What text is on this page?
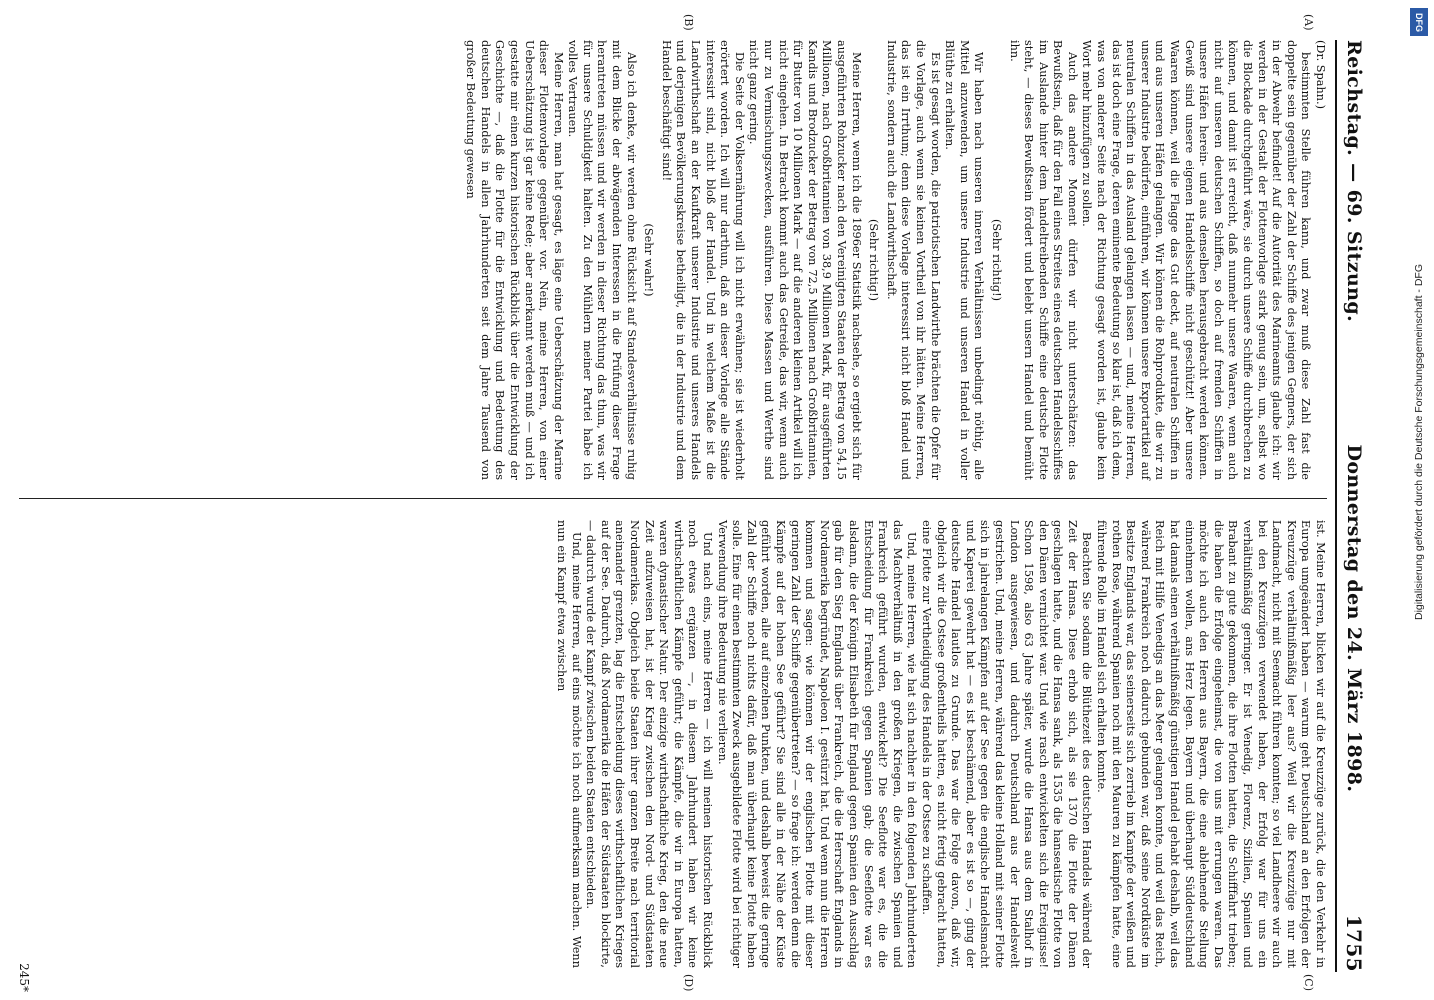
Reichstag. — 69. Sitzung.
Donnerstag den 24. März 1898.
1755
(A)
(B)
(C)
(D)

(Dr. Spahn.)

bestimmten Stelle führen kann, und zwar muß diese Zahl fast die doppelte sein gegenüber der Zahl der Schiffe des jenigen Gegners, der sich in der Abwehr befindet! Auf die Autorität des Marineamts glaube ich: wir werden in der Gestalt der Flottenvorlage stark genug sein, um, selbst wo die Blockade durchgeführt wäre, sie durch unsere Schiffe durchbrechen zu können, und damit ist erreicht, daß nunmehr unsere Waaren, wenn auch nicht auf unseren deutschen Schiffen, so doch auf fremden Schiffen in unsere Häfen herein- und aus denselben herausgebracht werden können. Gewiß sind unsere eigenen Handelsschiffe nicht geschützt! Aber unsere Waaren können, weil die Flagge das Gut deckt, auf neutralen Schiffen in und aus unseren Häfen gelangen. Wir können die Rohprodukte, die wir zu unserer Industrie bedürfen, einführen, wir können unsere Exportartikel auf neutralen Schiffen in das Ausland gelangen lassen — und, meine Herren, das ist doch eine Frage, deren eminente Bedeutung so klar ist, daß ich dem, was von anderer Seite nach der Richtung gesagt worden ist, glaube kein Wort mehr hinzufügen zu sollen.

Auch das andere Moment dürfen wir nicht unterschätzen: das Bewußtsein, daß für den Fall eines Streites eines deutschen Handelsschiffes im Auslande hinter dem handeltreibenden Schiffe eine deutsche Flotte steht, — dieses Bewußtsein fördert und belebt unsern Handel und bemüht ihn.

(Sehr richtig!)

Wir haben nach unseren inneren Verhältnissen unbedingt nöthig, alle Mittel anzuwenden, um unsere Industrie und unseren Handel in voller Blüthe zu erhalten.

Es ist gesagt worden, die patriotischen Landwirthe brächten die Opfer für die Vorlage, auch wenn sie keinen Vortheil von ihr hätten. Meine Herren, das ist ein Irrthum; denn diese Vorlage interessirt nicht bloß Handel und Industrie, sondern auch die Landwirthschaft.

(Sehr richtig!)

Meine Herren, wenn ich die 1896er Statistik nachsehe, so ergiebt sich für ausgeführten Rohzucker nach den Vereinigten Staaten der Betrag von 54,15 Millionen, nach Großbritannien von 38,9 Millionen Mark, für ausgeführten Kandis und Brodzucker der Betrag von 72,5 Millionen nach Großbritannien, für Butter von 10 Millionen Mark — auf die anderen kleinen Artikel will ich nicht eingehen. In Betracht kommt auch das Getreide, das wir, wenn auch nur zu Vermischungszwecken, ausführen. Diese Massen und Werthe sind nicht ganz gering.

Die Seite der Volksernährung will ich nicht erwähnen; sie ist wiederholt erörtert worden. Ich will nur darthun, daß an dieser Vorlage alle Stände interessirt sind, nicht bloß der Handel. Und in welchem Maße ist die Landwirthschaft an der Kaufkraft unserer Industrie und unseres Handels und derjenigen Bevölkerungskreise betheiligt, die in der Industrie und dem Handel beschäftigt sind!

(Sehr wahr!)

Also ich denke, wir werden ohne Rücksicht auf Standesverhältnisse ruhig mit dem Blicke der abwägenden Interessen in die Prüfung dieser Frage herantreten müssen und wir werden in dieser Richtung das thun, was wir für unsere Schuldigkeit halten. Zu den Mühlern meiner Partei habe ich volles Vertrauen.

Meine Herren, man hat gesagt, es läge eine Ueberschätzung der Marine dieser Flottenvorlage gegenüber vor. Nein, meine Herren, von einer Ueberschätzung ist gar keine Rede; aber anerkannt werden muß — und ich gestatte mir einen kurzen historischen Rückblick über die Entwicklung der Geschichte —, daß die Flotte für die Entwicklung und Bedeutung des deutschen Handels in allen Jahrhunderten seit dem Jahre Tausend von großer Bedeutung gewesen

ist. Meine Herren, blicken wir auf die Kreuzzüge zurück, die den Verkehr in Europa umgeändert haben — warum geht Deutschland an den Erfolgen der Kreuzzüge verhältnißmäßig leer aus? Weil wir die Kreuzzüge nur mit Landmacht, nicht mit Seemacht führen konnten; so viel Landheere wir auch bei den Kreuzzügen verwendet haben, der Erfolg war für uns ein verhältnißmäßig geringer. Er ist Venedig, Florenz, Sizilien, Spanien und Brabant zu gute gekommen, die ihre Flotten hatten, die Schifffahrt trieben; die haben die Erfolge eingeheimst, die von uns mit errungen waren. Das möchte ich auch den Herren aus Bayern, die eine ablehnende Stellung einnehmen wollen, ans Herz legen. Bayern und überhaupt Süddeutschland hat damals einen verhältnißmäßig günstigen Handel gehabt deshalb, weil das Reich mit Hilfe Venedigs an das Meer gelangen konnte, und weil das Reich, während Frankreich noch dadurch gebunden war, daß seine Nordküste im Besitze Englands war, das seinerseits sich zerrieb im Kampfe der weißen und rothen Rose, während Spanien noch mit den Mauren zu kämpfen hatte, eine führende Rolle im Handel sich erhalten konnte.

Beachten Sie sodann die Blüthezeit des deutschen Handels während der Zeit der Hansa. Diese erhob sich, als sie 1370 die Flotte der Dänen geschlagen hatte, und die Hansa sank, als 1535 die hanseatische Flotte von den Dänen vernichtet war. Und wie rasch entwickelten sich die Ereignisse! Schon 1598, also 63 Jahre später, wurde die Hansa aus dem Stalhof in London ausgewiesen, und dadurch Deutschland aus der Handelswelt gestrichen. Und, meine Herren, während das kleine Holland mit seiner Flotte sich in jahrelangen Kämpfen auf der See gegen die englische Handelsmacht und Kaperei gewehrt hat — es ist beschämend, aber es ist so —, ging der deutsche Handel lautlos zu Grunde. Das war die Folge davon, daß wir, obgleich wir die Ostsee großentheils hatten, es nicht fertig gebracht hatten, eine Flotte zur Vertheidigung des Handels in der Ostsee zu schaffen.

Und, meine Herren, wie hat sich nachher in den folgenden Jahrhunderten das Machtverhältniß in den großen Kriegen, die zwischen Spanien und Frankreich geführt wurden, entwickelt? Die Seeflotte war es, die die Entscheidung für Frankreich gegen Spanien gab; die Seeflotte war es alsdann, die der Königin Elisabeth für England gegen Spanien den Ausschlag gab für den Sieg Englands über Frankreich, die die Herrschaft Englands in Nordamerika begründet, Napoleon I. gestürzt hat. Und wenn nun die Herren kommen und sagen: wie können wir der englischen Flotte mit dieser geringen Zahl der Schiffe gegenübertreten? — so frage ich: werden denn die Kämpfe auf der hohen See geführt? Sie sind alle in der Nähe der Küste geführt worden, alle auf einzelnen Punkten, und deshalb beweist die geringe Zahl der Schiffe noch nichts dafür, daß man überhaupt keine Flotte haben solle. Eine für einen bestimmten Zweck ausgebildete Flotte wird bei richtiger Verwendung ihre Bedeutung nie verlieren.

Und nach eins, meine Herren — ich will meinen historischen Rückblick noch etwas ergänzen —, in diesem Jahrhundert haben wir keine wirthschaftlichen Kämpfe geführt; die Kämpfe, die wir in Europa hatten, waren dynastischer Natur. Der einzige wirthschaftliche Krieg, den die neue Zeit aufzuweisen hat, ist der Krieg zwischen den Nord- und Südstaaten Nordamerikas. Obgleich beide Staaten ihrer ganzen Breite nach territorial aneinander grenzten, lag die Entscheidung dieses wirthschaftlichen Krieges auf der See. Dadurch, daß Nordamerika die Häfen der Südstaaten blockirte, — dadurch wurde der Kampf zwischen beiden Staaten entschieden.

Und, meine Herren, auf eins möchte ich noch aufmerksam machen. Wenn nun ein Kampf etwa zwischen

245*
DFG
Digitalisierung gefördert durch die Deutsche Forschungsgemeinschaft - DFG
